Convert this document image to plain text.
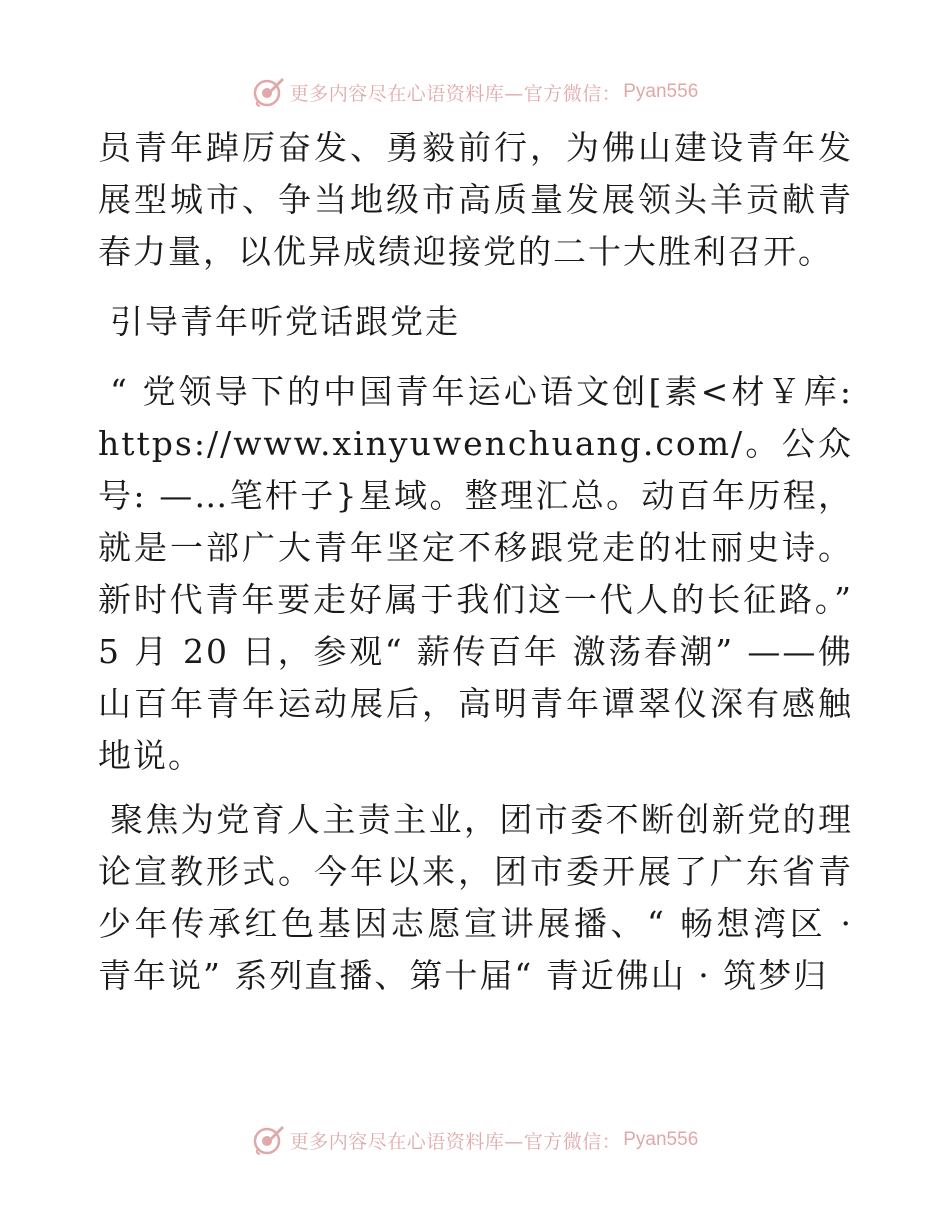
更多内容尽在心语资料库—官方微信： Pyan556

员青年踔厉奋发、勇毅前行，为佛山建设青年发展型城市、争当地级市高质量发展领头羊贡献青春力量，以优异成绩迎接党的二十大胜利召开。

引导青年听党话跟党走

“ 党领导下的中国青年运心语文创[素<材￥库: https://www.xinyuwenchuang.com/。公众号: —…笔杆子}星域。整理汇总。动百年历程，就是一部广大青年坚定不移跟党走的壮丽史诗。新时代青年要走好属于我们这一代人的长征路。” 5 月 20 日，参观“ 薪传百年 激荡春潮” ——佛山百年青年运动展后，高明青年谭翠仪深有感触地说。

聚焦为党育人主责主业，团市委不断创新党的理论宣教形式。今年以来，团市委开展了广东省青少年传承红色基因志愿宣讲展播、“ 畅想湾区 · 青年说” 系列直播、第十届“ 青近佛山 · 筑梦归

更多内容尽在心语资料库—官方微信： Pyan556
